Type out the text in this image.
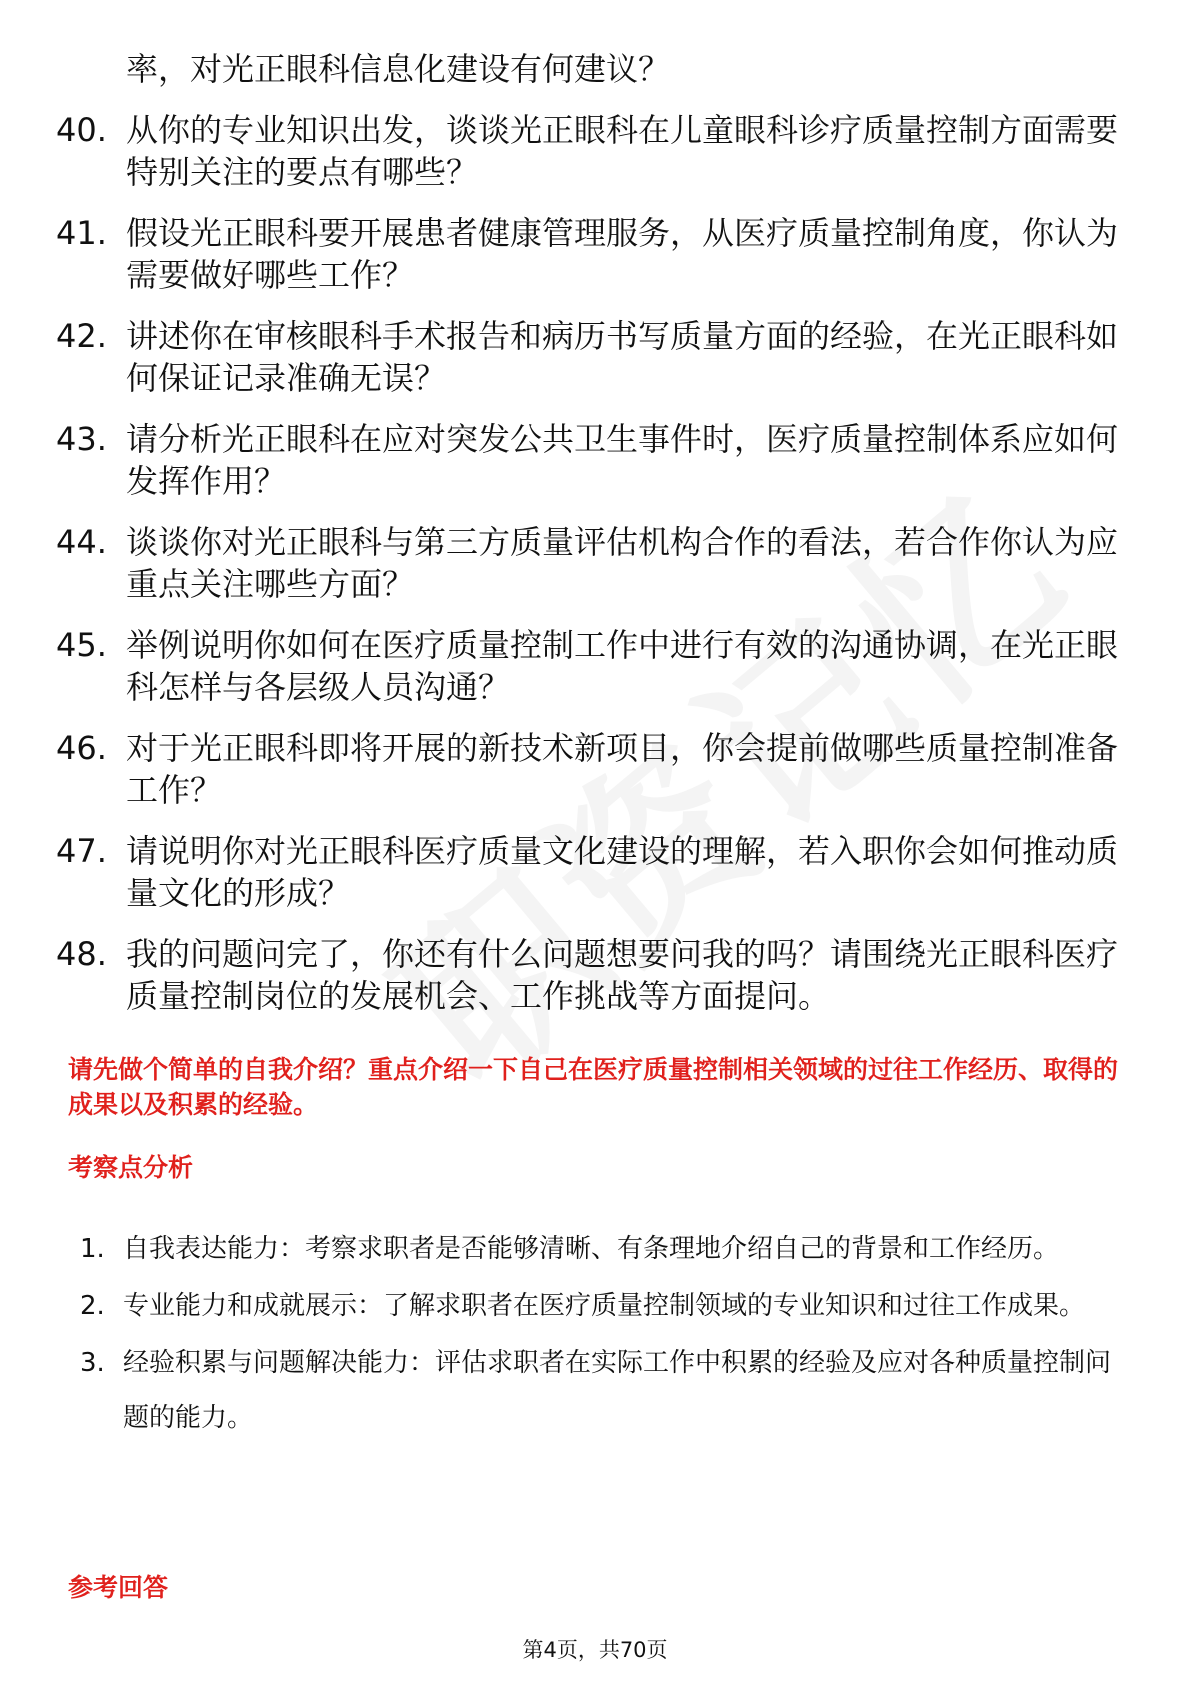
率，对光正眼科信息化建设有何建议？
40. 从你的专业知识出发，谈谈光正眼科在儿童眼科诊疗质量控制方面需要特别关注的要点有哪些？
41. 假设光正眼科要开展患者健康管理服务，从医疗质量控制角度，你认为需要做好哪些工作？
42. 讲述你在审核眼科手术报告和病历书写质量方面的经验，在光正眼科如何保证记录准确无误？
43. 请分析光正眼科在应对突发公共卫生事件时，医疗质量控制体系应如何发挥作用？
44. 谈谈你对光正眼科与第三方质量评估机构合作的看法，若合作你认为应重点关注哪些方面？
45. 举例说明你如何在医疗质量控制工作中进行有效的沟通协调，在光正眼科怎样与各层级人员沟通？
46. 对于光正眼科即将开展的新技术新项目，你会提前做哪些质量控制准备工作？
47. 请说明你对光正眼科医疗质量文化建设的理解，若入职你会如何推动质量文化的形成？
48. 我的问题问完了，你还有什么问题想要问我的吗？请围绕光正眼科医疗质量控制岗位的发展机会、工作挑战等方面提问。

请先做个简单的自我介绍？重点介绍一下自己在医疗质量控制相关领域的过往工作经历、取得的成果以及积累的经验。

考察点分析
1. 自我表达能力：考察求职者是否能够清晰、有条理地介绍自己的背景和工作经历。
2. 专业能力和成就展示：了解求职者在医疗质量控制领域的专业知识和过往工作成果。
3. 经验积累与问题解决能力：评估求职者在实际工作中积累的经验及应对各种质量控制问题的能力。
参考回答
第4页，共70页
